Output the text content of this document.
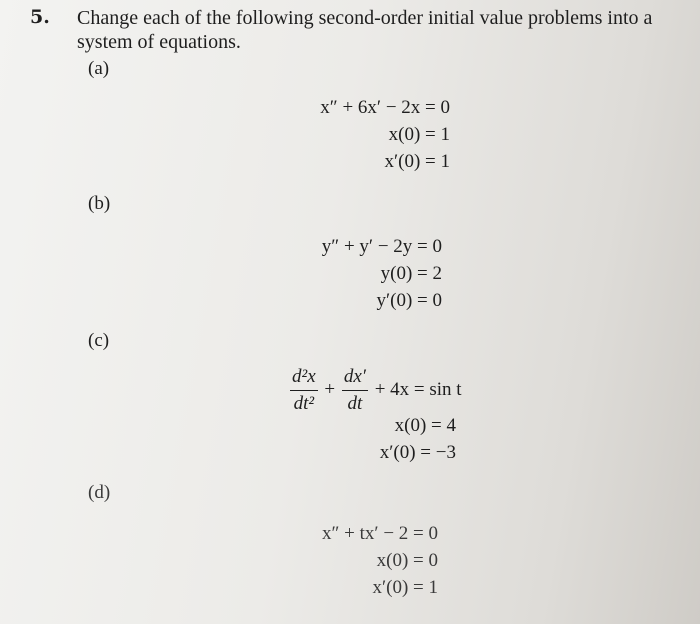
5. Change each of the following second-order initial value problems into a system of equations.
(a)
x″ + 6x′ − 2x = 0
x(0) = 1
x′(0) = 1
(b)
y″ + y′ − 2y = 0
y(0) = 2
y′(0) = 0
(c)
$\frac{\text{d²x}}{\text{dt²}} + \frac{dx'}{dt} + 4x = \sin t$
x(0) = 4
x′(0) = −3
(d)
x″ + tx′ − 2 = 0
x(0) = 0
x′(0) = 1
